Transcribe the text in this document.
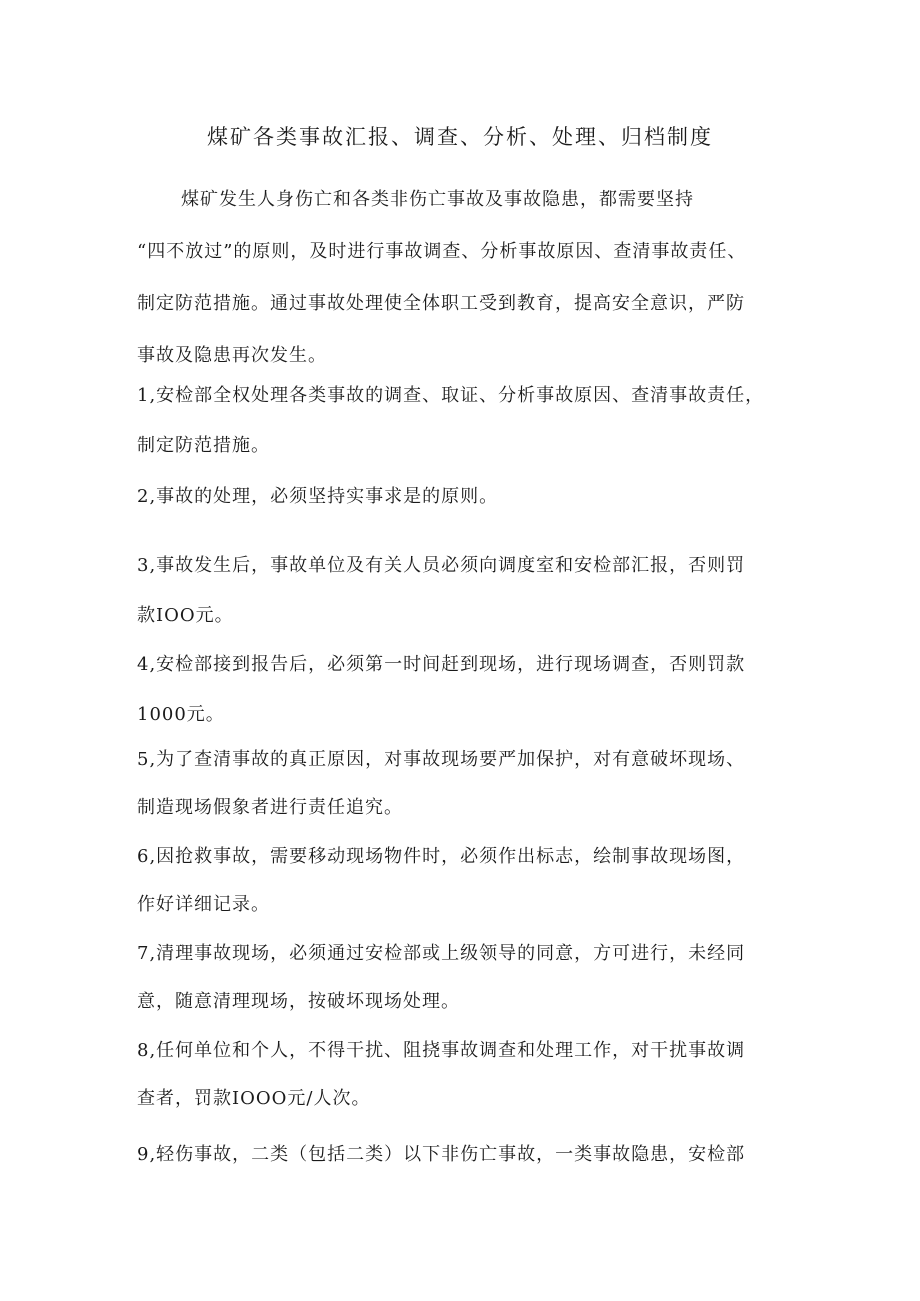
煤矿各类事故汇报、调查、分析、处理、归档制度
煤矿发生人身伤亡和各类非伤亡事故及事故隐患，都需要坚持
“四不放过”的原则，及时进行事故调查、分析事故原因、查清事故责任、
制定防范措施。通过事故处理使全体职工受到教育，提高安全意识，严防
事故及隐患再次发生。
1,安检部全权处理各类事故的调查、取证、分析事故原因、查清事故责任，
制定防范措施。
2,事故的处理，必须坚持实事求是的原则。
3,事故发生后，事故单位及有关人员必须向调度室和安检部汇报，否则罚
款IOO元。
4,安检部接到报告后，必须第一时间赶到现场，进行现场调查，否则罚款
1000元。
5,为了查清事故的真正原因，对事故现场要严加保护，对有意破坏现场、
制造现场假象者进行责任追究。
6,因抢救事故，需要移动现场物件时，必须作出标志，绘制事故现场图，
作好详细记录。
7,清理事故现场，必须通过安检部或上级领导的同意，方可进行，未经同
意，随意清理现场，按破坏现场处理。
8,任何单位和个人，不得干扰、阻挠事故调查和处理工作，对干扰事故调
查者，罚款IOOO元/人次。
9,轻伤事故，二类（包括二类）以下非伤亡事故，一类事故隐患，安检部
